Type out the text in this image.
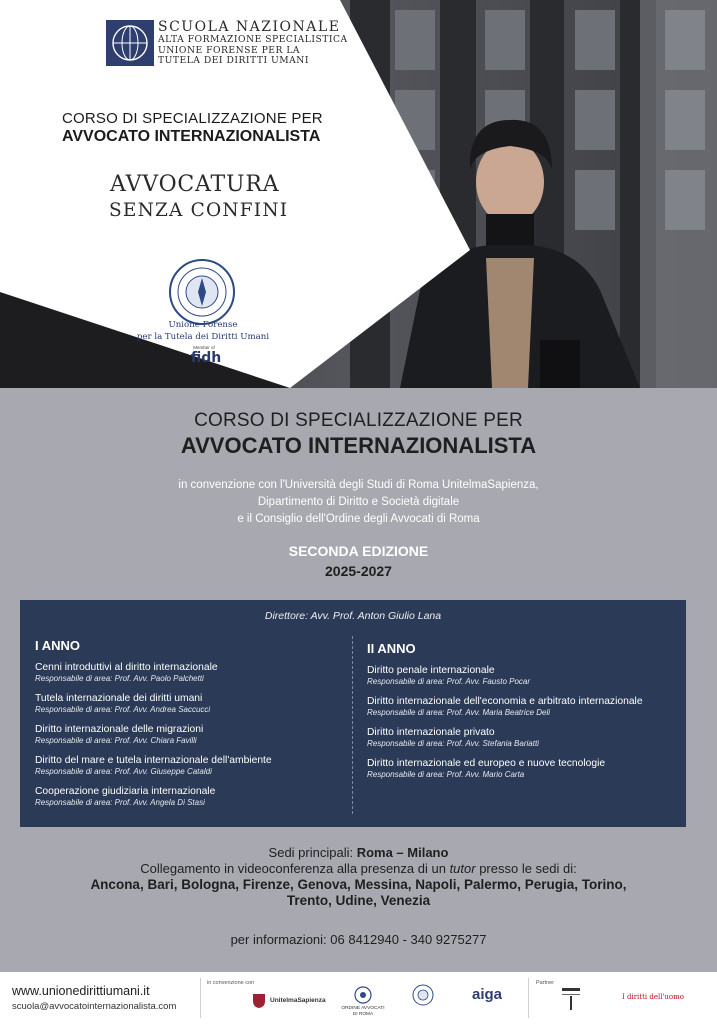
SCUOLA NAZIONALE
ALTA FORMAZIONE SPECIALISTICA
UNIONE FORENSE PER LA
TUTELA DEI DIRITTI UMANI
CORSO DI SPECIALIZZAZIONE PER
AVVOCATO INTERNAZIONALISTA
AVVOCATURA
SENZA CONFINI
Unione Forense
per la Tutela dei Diritti Umani
Member of
fidh
CORSO DI SPECIALIZZAZIONE PER
AVVOCATO INTERNAZIONALISTA
in convenzione con l'Università degli Studi di Roma UnitelmaSapienza,
Dipartimento di Diritto e Società digitale
e il Consiglio dell'Ordine degli Avvocati di Roma
SECONDA EDIZIONE
2025-2027
Direttore: Avv. Prof. Anton Giulio Lana
I ANNO
Cenni introduttivi al diritto internazionale
Responsabile di area: Prof. Avv. Paolo Palchetti
Tutela internazionale dei diritti umani
Responsabile di area: Prof. Avv. Andrea Saccucci
Diritto internazionale delle migrazioni
Responsabile di area: Prof. Avv. Chiara Favilli
Diritto del mare e tutela internazionale dell'ambiente
Responsabile di area: Prof. Avv. Giuseppe Cataldi
Cooperazione giudiziaria internazionale
Responsabile di area: Prof. Avv. Angela Di Stasi
II ANNO
Diritto penale internazionale
Responsabile di area: Prof. Avv. Fausto Pocar
Diritto internazionale dell'economia e arbitrato internazionale
Responsabile di area: Prof. Avv. Maria Beatrice Deli
Diritto internazionale privato
Responsabile di area: Prof. Avv. Stefania Bariatti
Diritto internazionale ed europeo e nuove tecnologie
Responsabile di area: Prof. Avv. Mario Carta
Sedi principali: Roma – Milano
Collegamento in videoconferenza alla presenza di un tutor presso le sedi di:
Ancona, Bari, Bologna, Firenze, Genova, Messina, Napoli, Palermo, Perugia, Torino,
Trento, Udine, Venezia
per informazioni: 06 8412940 - 340 9275277
www.unionedirittiumani.it
scuola@avvocatointernazionalista.com
in convenzione con
UnitelmaSapienza
ORDINE AVVOCATI DI ROMA
aiga
Partner
I diritti dell'uomo
